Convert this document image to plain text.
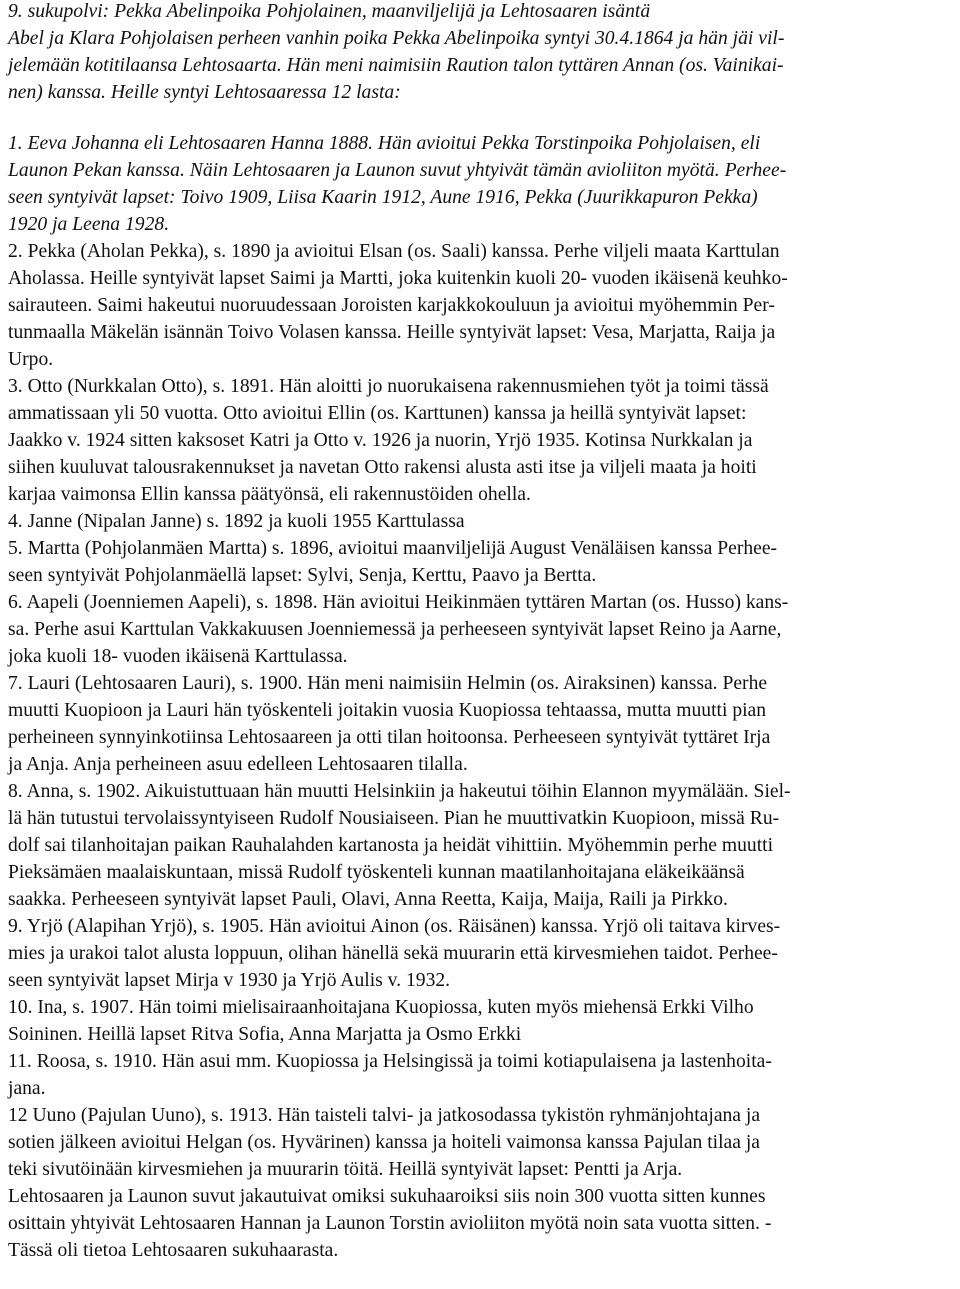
9. sukupolvi: Pekka Abelinpoika Pohjolainen, maanviljelijä ja Lehtosaaren isäntä
Abel ja Klara Pohjolaisen perheen vanhin poika Pekka Abelinpoika syntyi 30.4.1864 ja hän jäi vil-
jelemään kotitilaansa Lehtosaarta. Hän meni naimisiin Raution talon tyttären Annan (os. Vainikai-
nen) kanssa. Heille syntyi Lehtosaaressa 12 lasta:
1. Eeva Johanna eli Lehtosaaren Hanna 1888. Hän avioitui Pekka Torstinpoika Pohjolaisen, eli
Launon Pekan kanssa. Näin Lehtosaaren ja Launon suvut yhtyivät tämän avioliiton myötä. Perhee-
seen syntyivät lapset: Toivo 1909, Liisa Kaarin 1912, Aune 1916, Pekka (Juurikkapuron Pekka)
1920 ja Leena 1928.
2. Pekka (Aholan Pekka), s. 1890 ja avioitui Elsan (os. Saali) kanssa. Perhe viljeli maata Karttulan
Aholassa. Heille syntyivät lapset Saimi ja Martti, joka kuitenkin kuoli 20- vuoden ikäisenä keuhko-
sairauteen. Saimi hakeutui nuoruudessaan Joroisten karjakkokouluun ja avioitui myöhemmin Per-
tunmaalla Mäkelän isännän Toivo Volasen kanssa. Heille syntyivät lapset: Vesa, Marjatta, Raija ja
Urpo.
3. Otto (Nurkkalan Otto), s. 1891. Hän aloitti jo nuorukaisena rakennusmiehen työt ja toimi tässä
ammatissaan yli 50 vuotta. Otto avioitui Ellin (os. Karttunen) kanssa ja heillä syntyivät lapset:
Jaakko v. 1924 sitten kaksoset Katri ja Otto v. 1926 ja nuorin, Yrjö 1935. Kotinsa Nurkkalan ja
siihen kuuluvat talousrakennukset ja navetan Otto rakensi alusta asti itse ja viljeli maata ja hoiti
karjaa vaimonsa Ellin kanssa päätyönsä, eli rakennustöiden ohella.
4. Janne (Nipalan Janne) s. 1892 ja kuoli 1955 Karttulassa
5. Martta (Pohjolanmäen Martta) s. 1896, avioitui maanviljelijä August Venäläisen kanssa Perhee-
seen syntyivät Pohjolanmäellä lapset: Sylvi, Senja, Kerttu, Paavo ja Bertta.
6. Aapeli (Joenniemen Aapeli), s. 1898. Hän avioitui Heikinmäen tyttären Martan (os. Husso) kans-
sa. Perhe asui Karttulan Vakkakuusen Joenniemessä ja perheeseen syntyivät lapset Reino ja Aarne,
joka kuoli 18- vuoden ikäisenä Karttulassa.
7. Lauri (Lehtosaaren Lauri), s. 1900. Hän meni naimisiin Helmin (os. Airaksinen) kanssa. Perhe
muutti Kuopioon ja Lauri hän työskenteli joitakin vuosia Kuopiossa tehtaassa, mutta muutti pian
perheineen synnyinkotiinsa Lehtosaareen ja otti tilan hoitoonsa. Perheeseen syntyivät tyttäret Irja
ja Anja. Anja perheineen asuu edelleen Lehtosaaren tilalla.
8. Anna, s. 1902. Aikuistuttuaan hän muutti Helsinkiin ja hakeutui töihin Elannon myymälään. Siel-
lä hän tutustui tervolaissyntyiseen Rudolf Nousiaiseen. Pian he muuttivatkin Kuopioon, missä Ru-
dolf sai tilanhoitajan paikan Rauhalahden kartanosta ja heidät vihittiin. Myöhemmin perhe muutti
Pieksämäen maalaiskuntaan, missä Rudolf työskenteli kunnan maatilanhoitajana eläkeikäänsä
saakka. Perheeseen syntyivät lapset Pauli, Olavi, Anna Reetta, Kaija, Maija, Raili ja Pirkko.
9. Yrjö (Alapihan Yrjö), s. 1905. Hän avioitui Ainon (os. Räisänen) kanssa. Yrjö oli taitava kirves-
mies ja urakoi talot alusta loppuun, olihan hänellä sekä muurarin että kirvesmiehen taidot. Perhee-
seen syntyivät lapset Mirja v 1930 ja Yrjö Aulis v. 1932.
10. Ina, s. 1907. Hän toimi mielisairaanhoitajana Kuopiossa, kuten myös miehensä Erkki Vilho
Soininen. Heillä lapset Ritva Sofia, Anna Marjatta ja Osmo Erkki
11. Roosa, s. 1910. Hän asui mm. Kuopiossa ja Helsingissä ja toimi kotiapulaisena ja lastenhoita-
jana.
12 Uuno (Pajulan Uuno), s. 1913. Hän taisteli talvi- ja jatkosodassa tykistön ryhmänjohtajana ja
sotien jälkeen avioitui Helgan (os. Hyvärinen) kanssa ja hoiteli vaimonsa kanssa Pajulan tilaa ja
teki sivutöinään kirvesmiehen ja muurarin töitä. Heillä syntyivät lapset: Pentti ja Arja.
Lehtosaaren ja Launon suvut jakautuivat omiksi sukuhaaroiksi siis noin 300 vuotta sitten kunnes
osittain yhtyivät Lehtosaaren Hannan ja Launon Torstin avioliiton myötä noin sata vuotta sitten. -
Tässä oli tietoa Lehtosaaren sukuhaarasta.
